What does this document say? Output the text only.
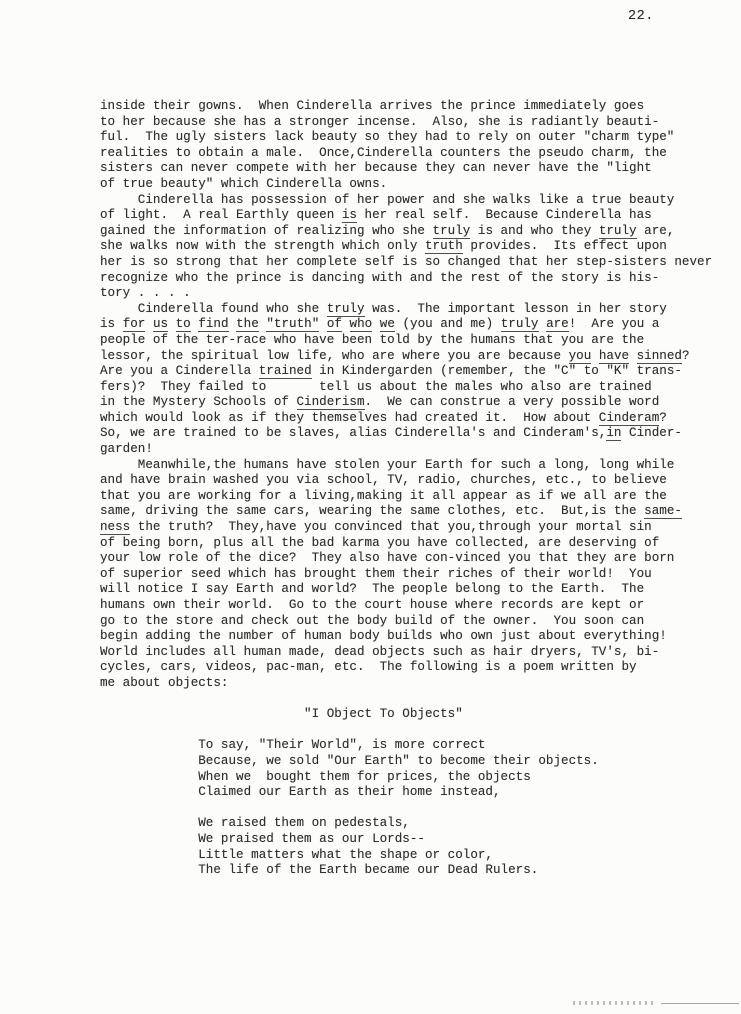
22.
inside their gowns.  When Cinderella arrives the prince immediately goes
to her because she has a stronger incense.  Also, she is radiantly beauti-
ful.  The ugly sisters lack beauty so they had to rely on outer "charm type"
realities to obtain a male.  Once,Cinderella counters the pseudo charm, the
sisters can never compete with her because they can never have the "light
of true beauty" which Cinderella owns.
Cinderella has possession of her power and she walks like a true beauty
of light.  A real Earthly queen is her real self.  Because Cinderella has
gained the information of realizing who she truly is and who they truly are,
she walks now with the strength which only truth provides.  Its effect upon
her is so strong that her complete self is so changed that her step-sisters never
recognize who the prince is dancing with and the rest of the story is his-
tory . . . .
Cinderella found who she truly was.  The important lesson in her story
is for us to find the "truth" of who we (you and me) truly are!  Are you a
people of the ter-race who have been told by the humans that you are the
lessor, the spiritual low life, who are where you are because you have sinned?
Are you a Cinderella trained in Kindergarden (remember, the "C" to "K" trans-
fers)?  They failed to       tell us about the males who also are trained
in the Mystery Schools of Cinderism.  We can construe a very possible word
which would look as if they themselves had created it.  How about Cinderam?
So, we are trained to be slaves, alias Cinderella's and Cinderam's,in Cinder-
garden!
Meanwhile,the humans have stolen your Earth for such a long, long while
and have brain washed you via school, TV, radio, churches, etc., to believe
that you are working for a living,making it all appear as if we all are the
same, driving the same cars, wearing the same clothes, etc.  But,is the same-
ness the truth?  They,have you convinced that you,through your mortal sin
of being born, plus all the bad karma you have collected, are deserving of
your low role of the dice?  They also have con-vinced you that they are born
of superior seed which has brought them their riches of their world!  You
will notice I say Earth and world?  The people belong to the Earth.  The
humans own their world.  Go to the court house where records are kept or
go to the store and check out the body build of the owner.  You soon can
begin adding the number of human body builds who own just about everything!
World includes all human made, dead objects such as hair dryers, TV's, bi-
cycles, cars, videos, pac-man, etc.  The following is a poem written by
me about objects:

"I Object To Objects"

To say, "Their World", is more correct
Because, we sold "Our Earth" to become their objects.
When we  bought them for prices, the objects
Claimed our Earth as their home instead,

We raised them on pedestals,
We praised them as our Lords--
Little matters what the shape or color,
The life of the Earth became our Dead Rulers.
